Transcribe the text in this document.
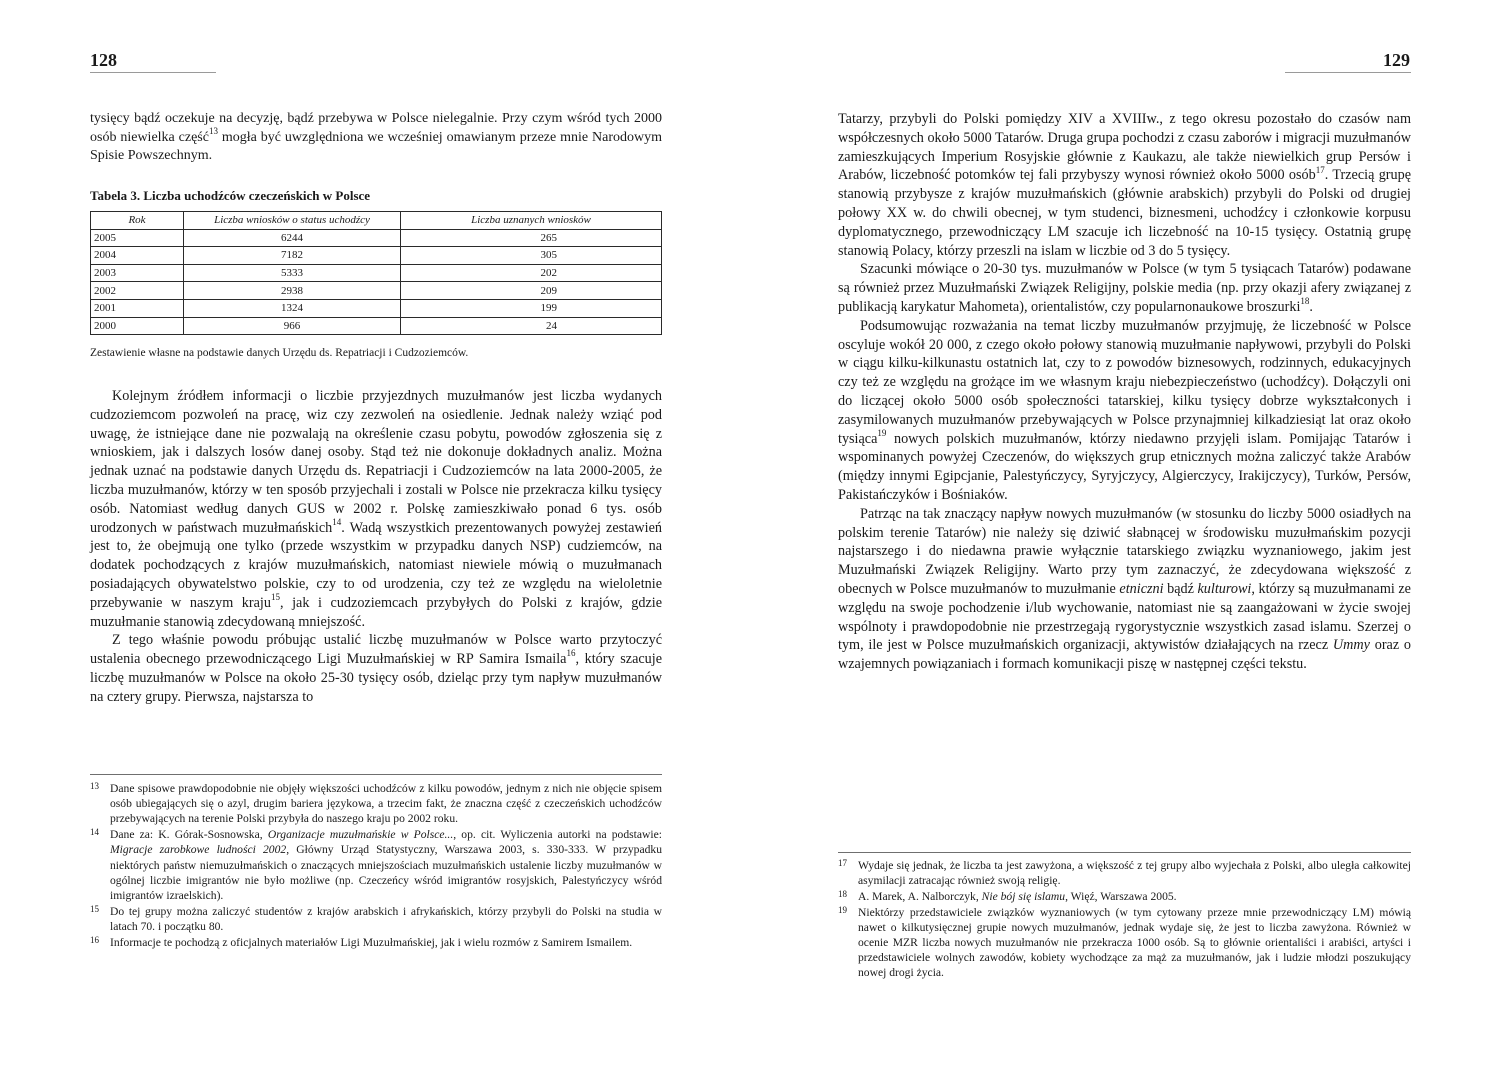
128

tysięcy bądź oczekuje na decyzję, bądź przebywa w Polsce nielegalnie. Przy czym wśród tych 2000 osób niewielka część$^{13}$ mogła być uwzględniona we wcześniej omawianym przeze mnie Narodowym Spisie Powszechnym.

Tabela 3. Liczba uchodźców czeczeńskich w Polsce
Rok	Liczba wniosków o status uchodźcy	Liczba uznanych wniosków
2005	6244	265
2004	7182	305
2003	5333	202
2002	2938	209
2001	1324	199
2000	966	24
Zestawienie własne na podstawie danych Urzędu ds. Repatriacji i Cudzoziemców.

Kolejnym źródłem informacji o liczbie przyjezdnych muzułmanów jest liczba wydanych cudzoziemcom pozwoleń na pracę, wiz czy zezwoleń na osiedlenie. Jednak należy wziąć pod uwagę, że istniejące dane nie pozwalają na określenie czasu pobytu, powodów zgłoszenia się z wnioskiem, jak i dalszych losów danej osoby. Stąd też nie dokonuje dokładnych analiz. Można jednak uznać na podstawie danych Urzędu ds. Repatriacji i Cudzoziemców na lata 2000-2005, że liczba muzułmanów, którzy w ten sposób przyjechali i zostali w Polsce nie przekracza kilku tysięcy osób. Natomiast według danych GUS w 2002 r. Polskę zamieszkiwało ponad 6 tys. osób urodzonych w państwach muzułmańskich$^{14}$. Wadą wszystkich prezentowanych powyżej zestawień jest to, że obejmują one tylko (przede wszystkim w przypadku danych NSP) cudziemców, na dodatek pochodzących z krajów muzułmańskich, natomiast niewiele mówią o muzułmanach posiadających obywatelstwo polskie, czy to od urodzenia, czy też ze względu na wieloletnie przebywanie w naszym kraju$^{15}$, jak i cudzoziemcach przybyłych do Polski z krajów, gdzie muzułmanie stanowią zdecydowaną mniejszość.

Z tego właśnie powodu próbując ustalić liczbę muzułmanów w Polsce warto przytoczyć ustalenia obecnego przewodniczącego Ligi Muzułmańskiej w RP Samira Ismaila$^{16}$, który szacuje liczbę muzułmanów w Polsce na około 25-30 tysięcy osób, dzieląc przy tym napływ muzułmanów na cztery grupy. Pierwsza, najstarsza to

13 Dane spisowe prawdopodobnie nie objęły większości uchodźców z kilku powodów, jednym z nich nie objęcie spisem osób ubiegających się o azyl, drugim bariera językowa, a trzecim fakt, że znaczna część z czeczeńskich uchodźców przebywających na terenie Polski przybyła do naszego kraju po 2002 roku.
14 Dane za: K. Górak-Sosnowska, Organizacje muzułmańskie w Polsce..., op. cit. Wyliczenia autorki na podstawie: Migracje zarobkowe ludności 2002, Główny Urząd Statystyczny, Warszawa 2003, s. 330-333. W przypadku niektórych państw niemuzułmańskich o znaczących mniejszościach muzułmańskich ustalenie liczby muzułmanów w ogólnej liczbie imigrantów nie było możliwe (np. Czeczeńcy wśród imigrantów rosyjskich, Palestyńczycy wśród imigrantów izraelskich).
15 Do tej grupy można zaliczyć studentów z krajów arabskich i afrykańskich, którzy przybyli do Polski na studia w latach 70. i początku 80.
16 Informacje te pochodzą z oficjalnych materiałów Ligi Muzułmańskiej, jak i wielu rozmów z Samirem Ismailem.
129

Tatarzy, przybyli do Polski pomiędzy XIV a XVIIIw., z tego okresu pozostało do czasów nam współczesnych około 5000 Tatarów. Druga grupa pochodzi z czasu zaborów i migracji muzułmanów zamieszkujących Imperium Rosyjskie głównie z Kaukazu, ale także niewielkich grup Persów i Arabów, liczebność potomków tej fali przybyszy wynosi również około 5000 osób$^{17}$. Trzecią grupę stanowią przybysze z krajów muzułmańskich (głównie arabskich) przybyli do Polski od drugiej połowy XX w. do chwili obecnej, w tym studenci, biznesmeni, uchodźcy i członkowie korpusu dyplomatycznego, przewodniczący LM szacuje ich liczebność na 10-15 tysięcy. Ostatnią grupę stanowią Polacy, którzy przeszli na islam w liczbie od 3 do 5 tysięcy.

Szacunki mówiące o 20-30 tys. muzułmanów w Polsce (w tym 5 tysiącach Tatarów) podawane są również przez Muzułmański Związek Religijny, polskie media (np. przy okazji afery związanej z publikacją karykatur Mahometa), orientalistów, czy popularnonaukowe broszurki$^{18}$.

Podsumowując rozważania na temat liczby muzułmanów przyjmuję, że liczebność w Polsce oscyluje wokół 20 000, z czego około połowy stanowią muzułmanie napływowi, przybyli do Polski w ciągu kilku-kilkunastu ostatnich lat, czy to z powodów biznesowych, rodzinnych, edukacyjnych czy też ze względu na grożące im we własnym kraju niebezpieczeństwo (uchodźcy). Dołączyli oni do liczącej około 5000 osób społeczności tatarskiej, kilku tysięcy dobrze wykształconych i zasymilowanych muzułmanów przebywających w Polsce przynajmniej kilkadziesiąt lat oraz około tysiąca$^{19}$ nowych polskich muzułmanów, którzy niedawno przyjęli islam. Pomijając Tatarów i wspominanych powyżej Czeczenów, do większych grup etnicznych można zaliczyć także Arabów (między innymi Egipcjanie, Palestyńczycy, Syryjczycy, Algierczycy, Irakijczycy), Turków, Persów, Pakistańczyków i Bośniaków.

Patrząc na tak znaczący napływ nowych muzułmanów (w stosunku do liczby 5000 osiadłych na polskim terenie Tatarów) nie należy się dziwić słabnącej w środowisku muzułmańskim pozycji najstarszego i do niedawna prawie wyłącznie tatarskiego związku wyznaniowego, jakim jest Muzułmański Związek Religijny. Warto przy tym zaznaczyć, że zdecydowana większość z obecnych w Polsce muzułmanów to muzułmanie etniczni bądź kulturowi, którzy są muzułmanami ze względu na swoje pochodzenie i/lub wychowanie, natomiast nie są zaangażowani w życie swojej wspólnoty i prawdopodobnie nie przestrzegają rygorystycznie wszystkich zasad islamu. Szerzej o tym, ile jest w Polsce muzułmańskich organizacji, aktywistów działających na rzecz Ummy oraz o wzajemnych powiązaniach i formach komunikacji piszę w następnej części tekstu.

17 Wydaje się jednak, że liczba ta jest zawyżona, a większość z tej grupy albo wyjechała z Polski, albo uległa całkowitej asymilacji zatracając również swoją religię.
18 A. Marek, A. Nalborczyk, Nie bój się islamu, Więź, Warszawa 2005.
19 Niektórzy przedstawiciele związków wyznaniowych (w tym cytowany przeze mnie przewodniczący LM) mówią nawet o kilkutysięcznej grupie nowych muzułmanów, jednak wydaje się, że jest to liczba zawyżona. Również w ocenie MZR liczba nowych muzułmanów nie przekracza 1000 osób. Są to głównie orientaliści i arabiści, artyści i przedstawiciele wolnych zawodów, kobiety wychodzące za mąż za muzułmanów, jak i ludzie młodzi poszukujący nowej drogi życia.
